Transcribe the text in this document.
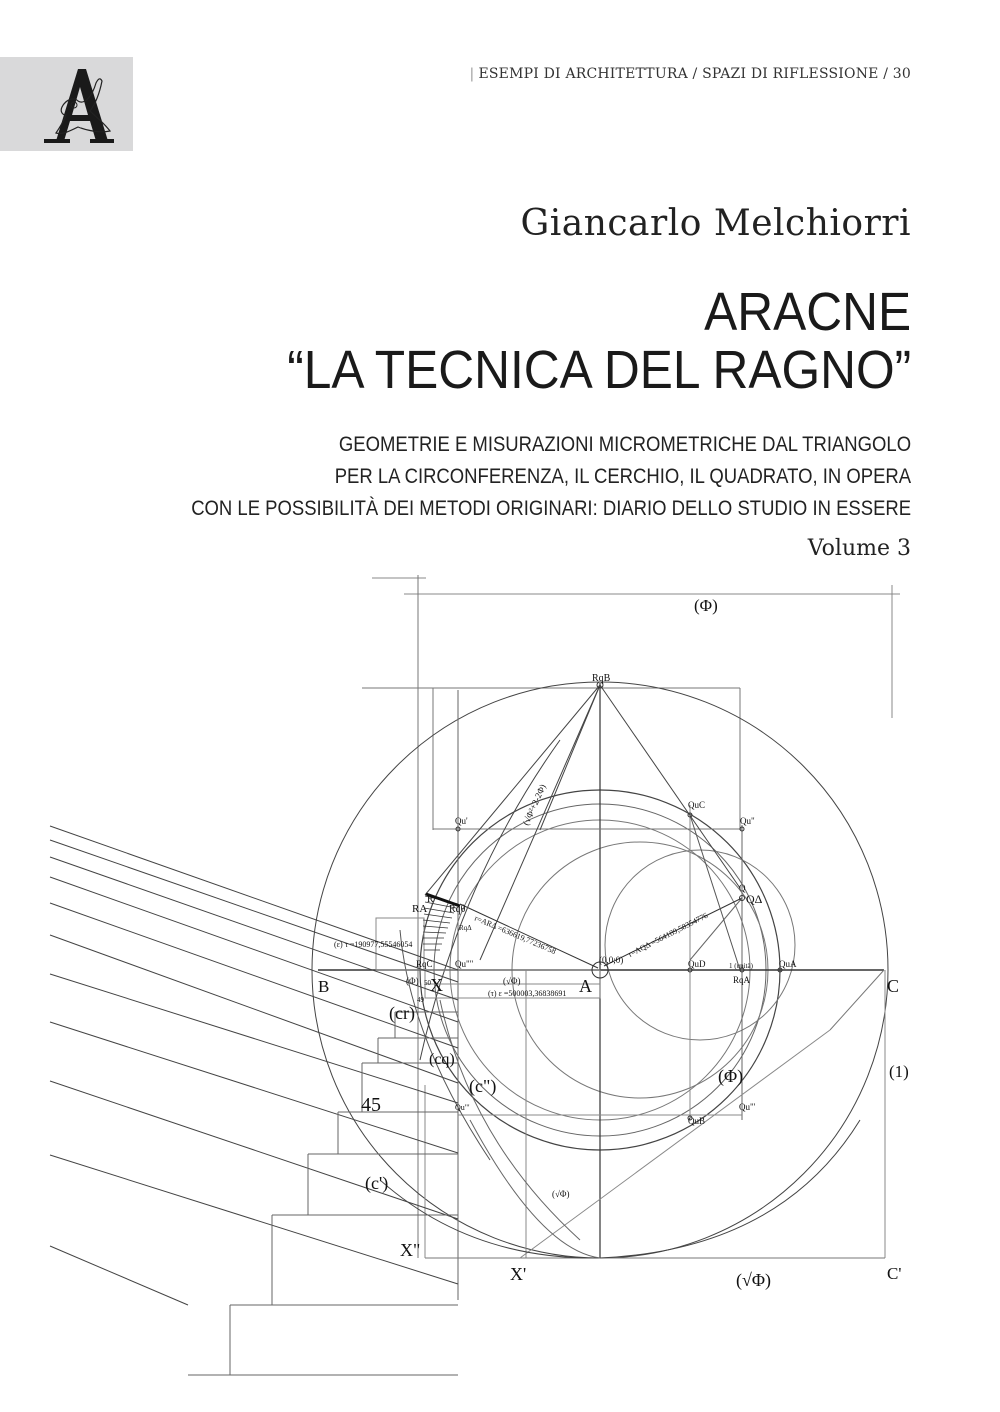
| ESEMPI DI ARCHITETTURA / SPAZI DI RIFLESSIONE / 30
Giancarlo Melchiorri
ARACNE
“LA TECNICA DEL RAGNO”
GEOMETRIE E MISURAZIONI MICROMETRICHE DAL TRIANGOLO
PER LA CIRCONFERENZA, IL CERCHIO, IL QUADRATO, IN OPERA
CON LE POSSIBILITÀ DEI METODI ORIGINARI: DIARIO DELLO STUDIO IN ESSERE
Volume 3
(Φ)
RqB
(√Φ²+2-2Φ)
Qu'
QuC
Qu"
Q
QΔ
R
RA Rqθ
RqΔ r=ARΔ =636619,77236758	r=AQΔ =564189,58354776
(ε) τ =190977,55546054
(τ) ε =500003,36838691
(0,0;0)
RqC Qu""	QuD	1 (unità)	QuA
RqA
B	(Φ) 50 X
49
(√Φ)	A	C
(cr)
(cq)
(c")	(Φ)	(1)
45	Qu"'
QuB
Qu"'
(c')
(√Φ)
X"
X'	(√Φ)	C'
